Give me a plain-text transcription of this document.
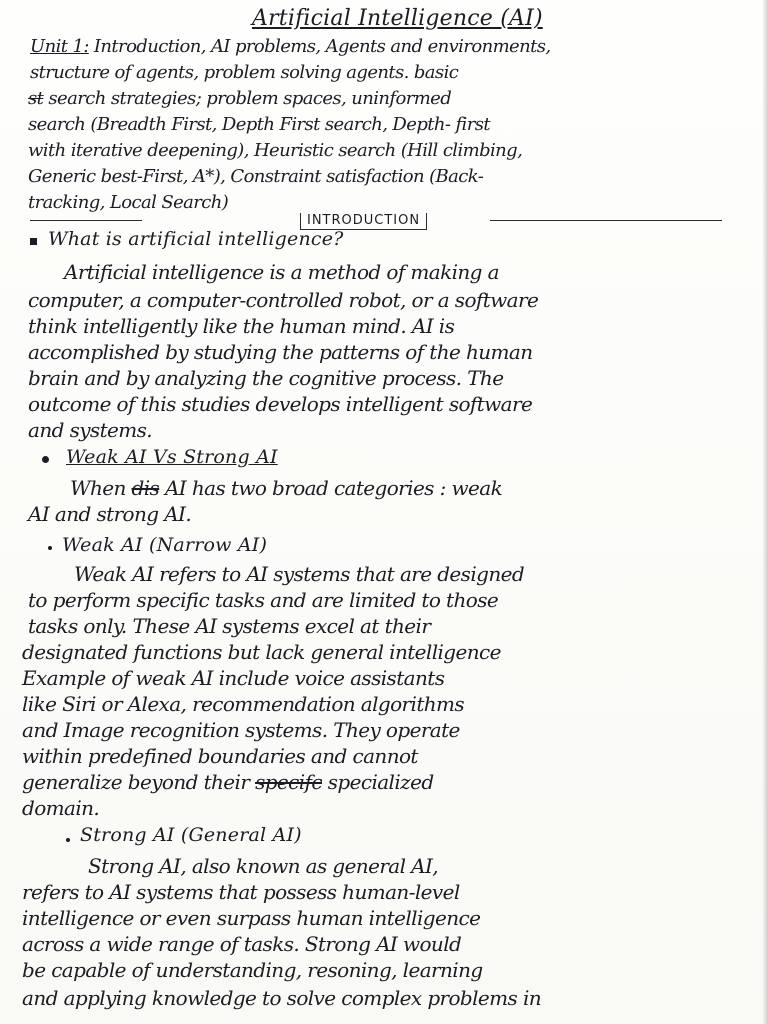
Artificial Intelligence (AI)
Unit 1: Introduction, AI problems, Agents and environments,
structure of agents, problem solving agents. basic
st search strategies; problem spaces, uninformed
search (Breadth First, Depth First search, Depth- first
with iterative deepening), Heuristic search (Hill climbing,
Generic best-First, A*), Constraint satisfaction (Back-
tracking, Local Search)
INTRODUCTION
What is artificial intelligence?
Artificial intelligence is a method of making a
computer, a computer-controlled robot, or a software
think intelligently like the human mind. AI is
accomplished by studying the patterns of the human
brain and by analyzing the cognitive process. The
outcome of this studies develops intelligent software
and systems.
Weak AI Vs Strong AI
When dis AI has two broad categories : weak
AI and strong AI.
Weak AI (Narrow AI)
Weak AI refers to AI systems that are designed
to perform specific tasks and are limited to those
tasks only. These AI systems excel at their
designated functions but lack general intelligence
Example of weak AI include voice assistants
like Siri or Alexa, recommendation algorithms
and Image recognition systems. They operate
within predefined boundaries and cannot
generalize beyond their specifc specialized
domain.
Strong AI (General AI)
Strong AI, also known as general AI,
refers to AI systems that possess human-level
intelligence or even surpass human intelligence
across a wide range of tasks. Strong AI would
be capable of understanding, resoning, learning
and applying knowledge to solve complex problems in
